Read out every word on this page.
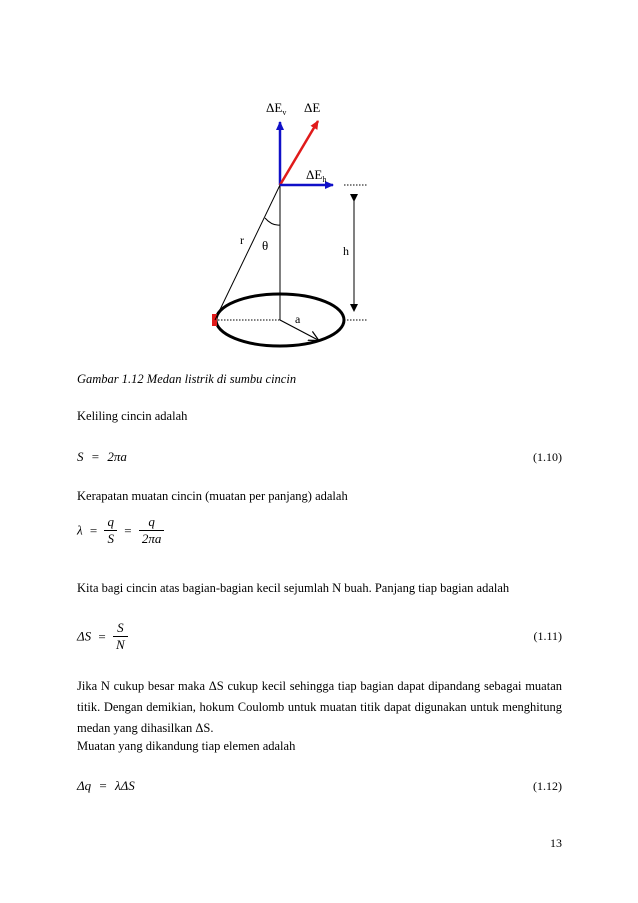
$\Delta E_v$ ΔE
$\Delta E_h$
r θ	h
a
Gambar 1.12 Medan listrik di sumbu cincin
Keliling cincin adalah
S = 2πa	(1.10)
Kerapatan muatan cincin (muatan per panjang) adalah
$\lambda = \frac{q}{S} = \frac{q}{2\pi a}$
Kita bagi cincin atas bagian-bagian kecil sejumlah N buah. Panjang tiap bagian adalah
$\Delta S = \frac{S}{N}$	(1.11)
Jika N cukup besar maka ΔS cukup kecil sehingga tiap bagian dapat dipandang sebagai muatan titik. Dengan demikian, hokum Coulomb untuk muatan titik dapat digunakan untuk menghitung medan yang dihasilkan ΔS.
Muatan yang dikandung tiap elemen adalah
Δq = λΔS	(1.12)
13
